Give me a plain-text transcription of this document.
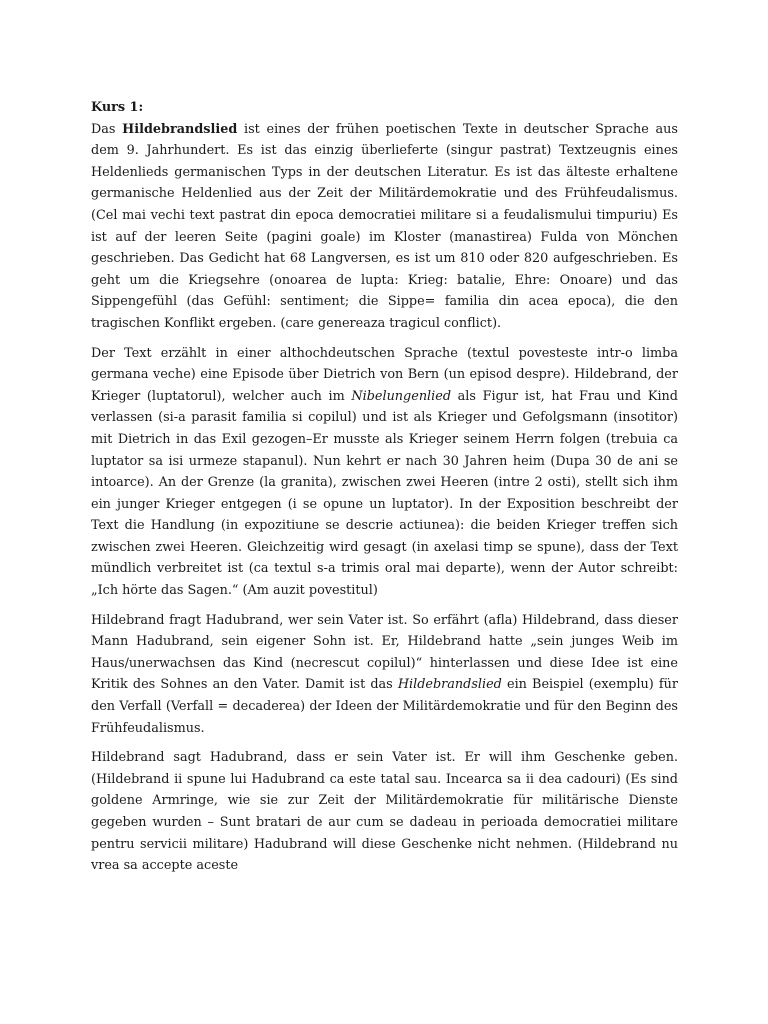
Kurs 1:

Das Hildebrandslied ist eines der frühen poetischen Texte in deutscher Sprache aus dem 9. Jahrhundert. Es ist das einzig überlieferte (singur pastrat) Textzeugnis eines Heldenlieds germanischen Typs in der deutschen Literatur. Es ist das älteste erhaltene germanische Heldenlied aus der Zeit der Militärdemokratie und des Frühfeudalismus. (Cel mai vechi text pastrat din epoca democratiei militare si a feudalismului timpuriu) Es ist auf der leeren Seite (pagini goale) im Kloster (manastirea) Fulda von Mönchen geschrieben. Das Gedicht hat 68 Langversen, es ist um 810 oder 820 aufgeschrieben. Es geht um die Kriegsehre (onoarea de lupta: Krieg: batalie, Ehre: Onoare) und das Sippengefühl (das Gefühl: sentiment; die Sippe= familia din acea epoca), die den tragischen Konflikt ergeben. (care genereaza tragicul conflict).

Der Text erzählt in einer althochdeutschen Sprache (textul povesteste intr-o limba germana veche) eine Episode über Dietrich von Bern (un episod despre). Hildebrand, der Krieger (luptatorul), welcher auch im Nibelungenlied als Figur ist, hat Frau und Kind verlassen (si-a parasit familia si copilul) und ist als Krieger und Gefolgsmann (insotitor) mit Dietrich in das Exil gezogen–Er musste als Krieger seinem Herrn folgen (trebuia ca luptator sa isi urmeze stapanul). Nun kehrt er nach 30 Jahren heim (Dupa 30 de ani se intoarce). An der Grenze (la granita), zwischen zwei Heeren (intre 2 osti), stellt sich ihm ein junger Krieger entgegen (i se opune un luptator). In der Exposition beschreibt der Text die Handlung (in expozitiune se descrie actiunea): die beiden Krieger treffen sich zwischen zwei Heeren. Gleichzeitig wird gesagt (in axelasi timp se spune), dass der Text mündlich verbreitet ist (ca textul s-a trimis oral mai departe), wenn der Autor schreibt: „Ich hörte das Sagen.“ (Am auzit povestitul)

Hildebrand fragt Hadubrand, wer sein Vater ist. So erfährt (afla) Hildebrand, dass dieser Mann Hadubrand, sein eigener Sohn ist. Er, Hildebrand hatte „sein junges Weib im Haus/unerwachsen das Kind (necrescut copilul)“ hinterlassen und diese Idee ist eine Kritik des Sohnes an den Vater. Damit ist das Hildebrandslied ein Beispiel (exemplu) für den Verfall (Verfall = decaderea) der Ideen der Militärdemokratie und für den Beginn des Frühfeudalismus.

Hildebrand sagt Hadubrand, dass er sein Vater ist. Er will ihm Geschenke geben. (Hildebrand ii spune lui Hadubrand ca este tatal sau. Incearca sa ii dea cadouri) (Es sind goldene Armringe, wie sie zur Zeit der Militärdemokratie für militärische Dienste gegeben wurden – Sunt bratari de aur cum se dadeau in perioada democratiei militare pentru servicii militare) Hadubrand will diese Geschenke nicht nehmen. (Hildebrand nu vrea sa accepte aceste
